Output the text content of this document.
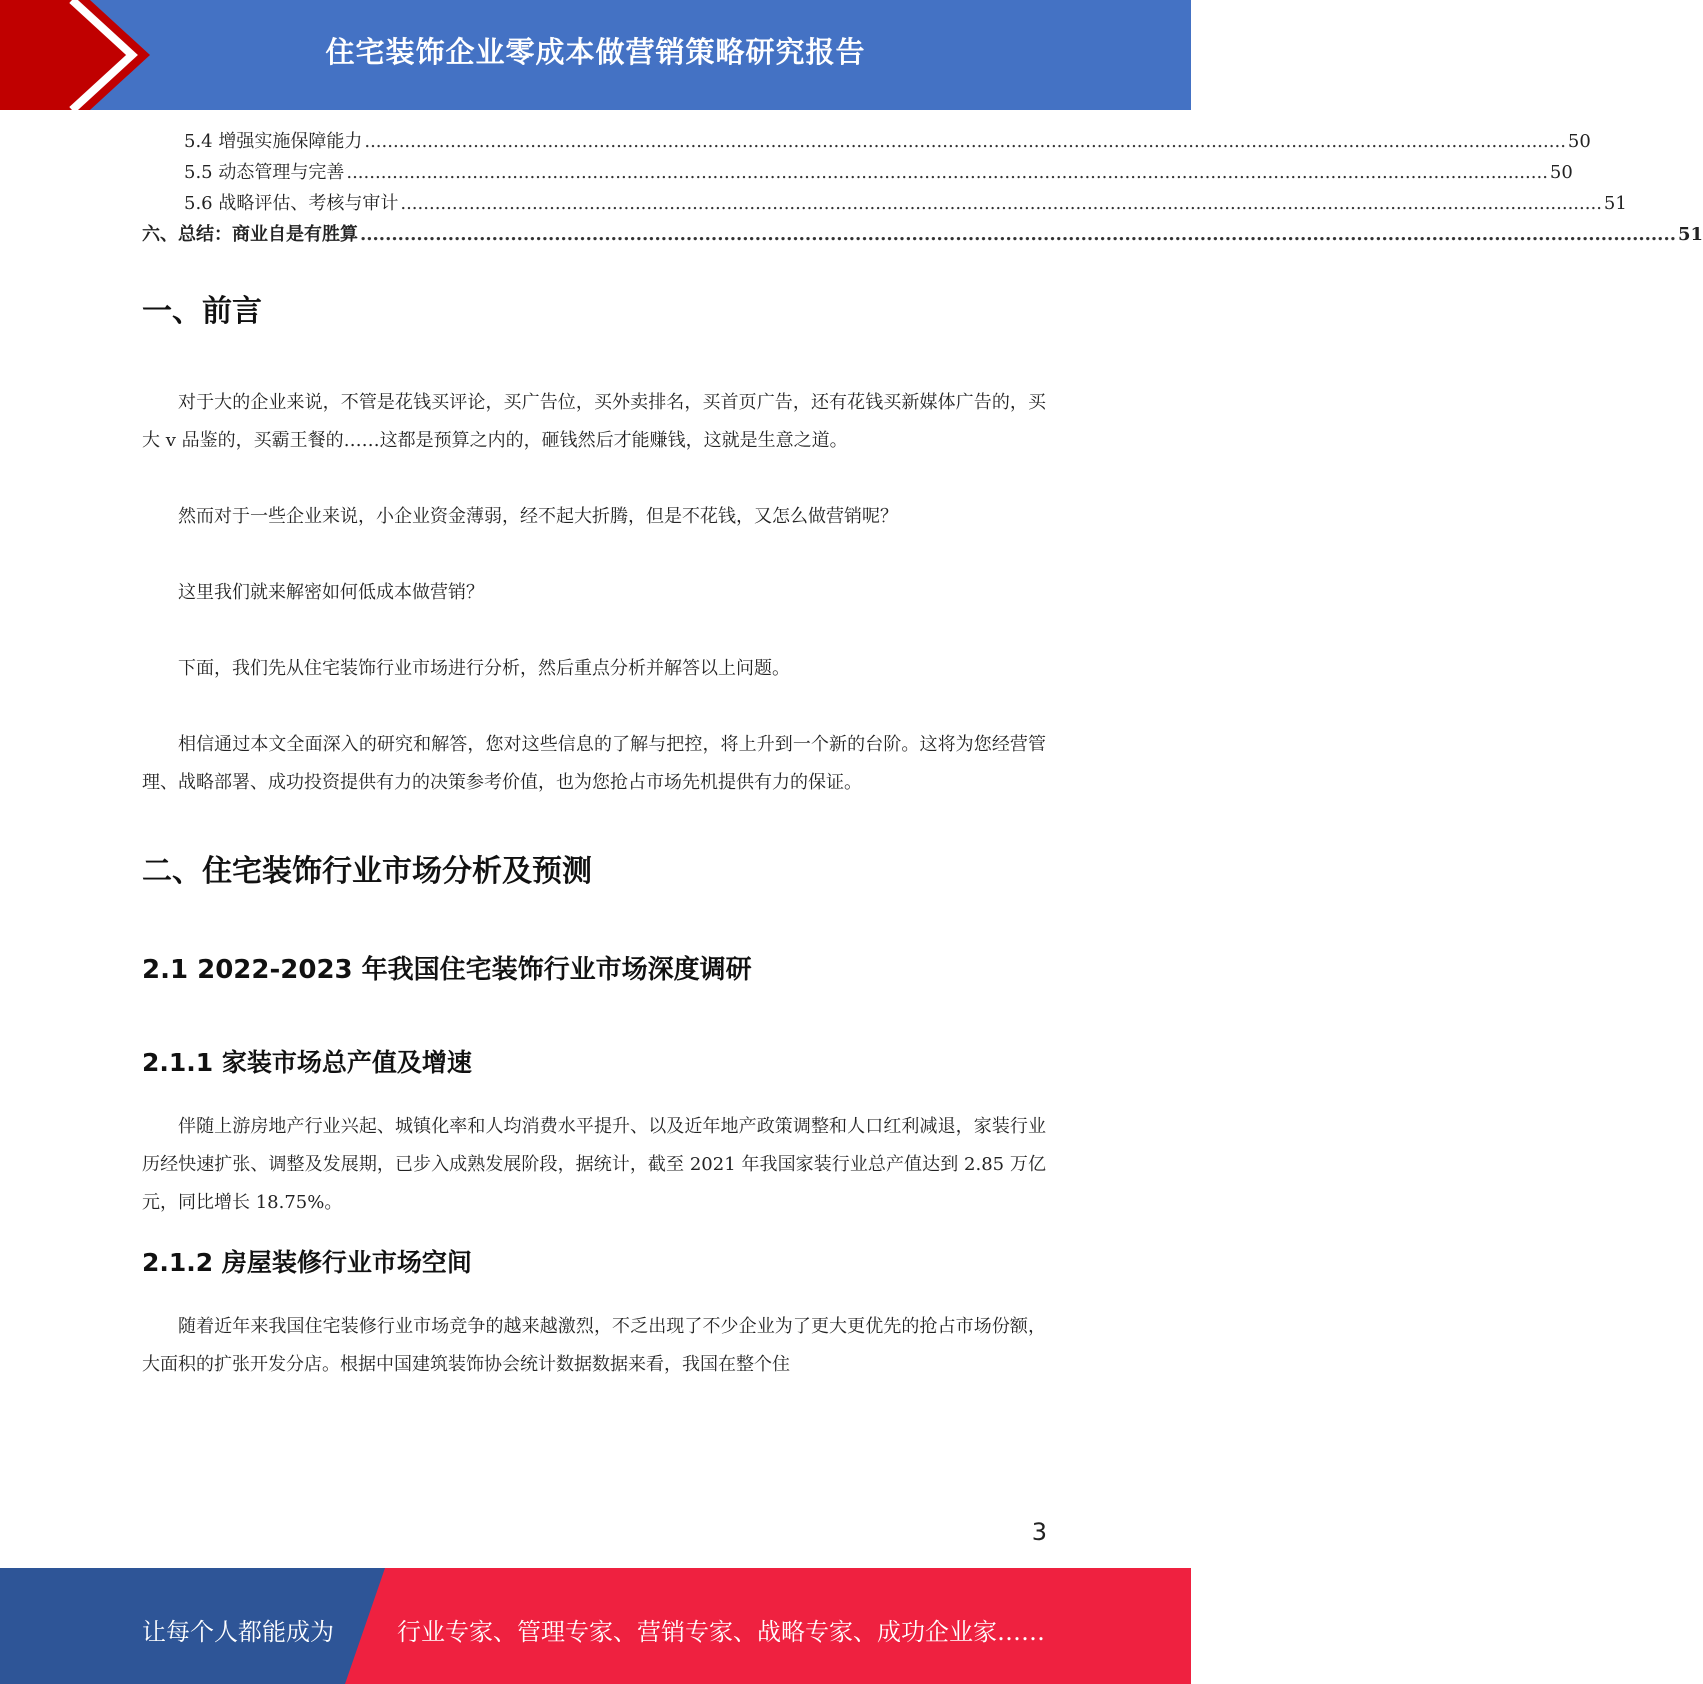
住宅装饰企业零成本做营销策略研究报告
5.4 增强实施保障能力 .................................................................................................................................................................................................................. 50
5.5 动态管理与完善 .................................................................................................................................................................................................................. 50
5.6 战略评估、考核与审计 .................................................................................................................................................................................................................. 51
六、总结：商业自是有胜算 .................................................................................................................................................................................................................. 51
一、前言

对于大的企业来说，不管是花钱买评论，买广告位，买外卖排名，买首页广告，还有花钱买新媒体广告的，买大 v 品鉴的，买霸王餐的……这都是预算之内的，砸钱然后才能赚钱，这就是生意之道。

然而对于一些企业来说，小企业资金薄弱，经不起大折腾，但是不花钱，又怎么做营销呢？

这里我们就来解密如何低成本做营销？

下面，我们先从住宅装饰行业市场进行分析，然后重点分析并解答以上问题。

相信通过本文全面深入的研究和解答，您对这些信息的了解与把控，将上升到一个新的台阶。这将为您经营管理、战略部署、成功投资提供有力的决策参考价值，也为您抢占市场先机提供有力的保证。

二、住宅装饰行业市场分析及预测
2.1 2022-2023 年我国住宅装饰行业市场深度调研
2.1.1 家装市场总产值及增速

伴随上游房地产行业兴起、城镇化率和人均消费水平提升、以及近年地产政策调整和人口红利减退，家装行业历经快速扩张、调整及发展期，已步入成熟发展阶段，据统计，截至 2021 年我国家装行业总产值达到 2.85 万亿元，同比增长 18.75%。

2.1.2 房屋装修行业市场空间

随着近年来我国住宅装修行业市场竞争的越来越激烈，不乏出现了不少企业为了更大更优先的抢占市场份额，大面积的扩张开发分店。根据中国建筑装饰协会统计数据数据来看，我国在整个住

3
让每个人都能成为	行业专家、管理专家、营销专家、战略专家、成功企业家……
